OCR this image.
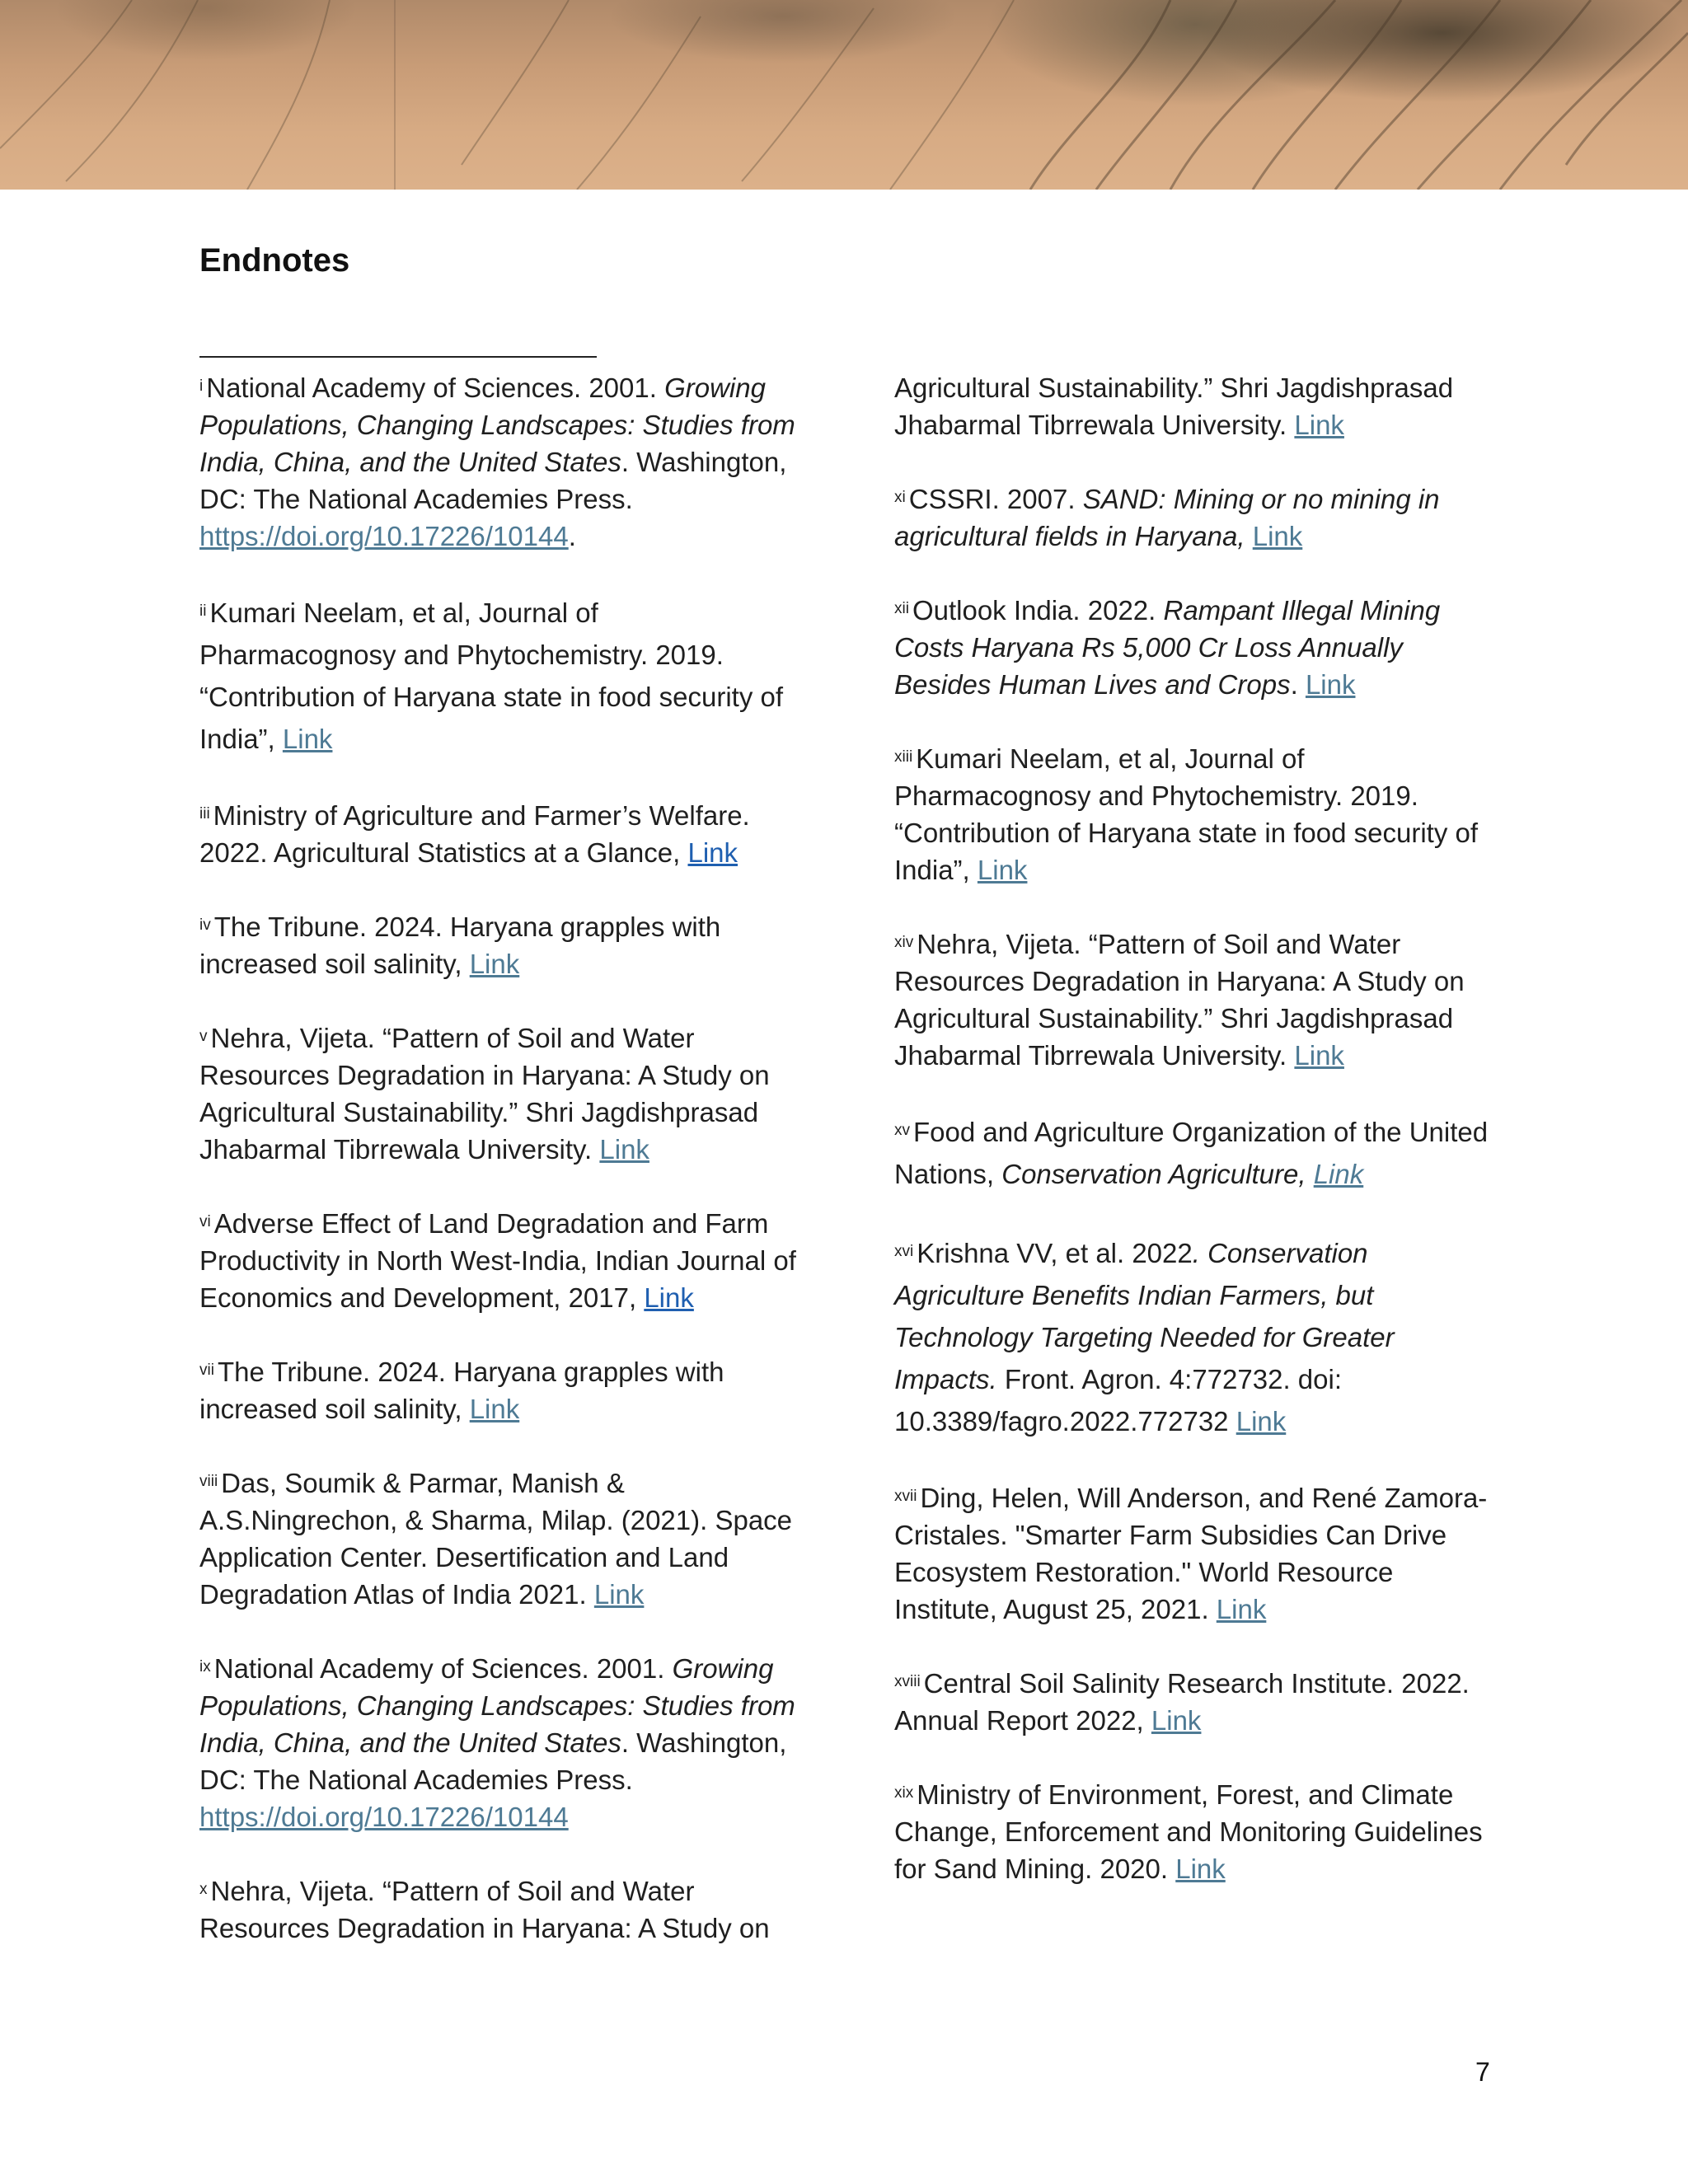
Endnotes

$^i$ National Academy of Sciences. 2001. Growing Populations, Changing Landscapes: Studies from India, China, and the United States. Washington, DC: The National Academies Press. https://doi.org/10.17226/10144.

$^{ii}$ Kumari Neelam, et al, Journal of Pharmacognosy and Phytochemistry. 2019. “Contribution of Haryana state in food security of India”, Link

$^{iii}$ Ministry of Agriculture and Farmer’s Welfare. 2022. Agricultural Statistics at a Glance, Link

$^{iv}$ The Tribune. 2024. Haryana grapples with increased soil salinity, Link

$^v$ Nehra, Vijeta. “Pattern of Soil and Water Resources Degradation in Haryana: A Study on Agricultural Sustainability.” Shri Jagdishprasad Jhabarmal Tibrrewala University. Link

$^{vi}$ Adverse Effect of Land Degradation and Farm Productivity in North West-India, Indian Journal of Economics and Development, 2017, Link

$^{vii}$ The Tribune. 2024. Haryana grapples with increased soil salinity, Link

$^{viii}$ Das, Soumik & Parmar, Manish & A.S.Ningrechon, & Sharma, Milap. (2021). Space Application Center. Desertification and Land Degradation Atlas of India 2021. Link

$^{ix}$ National Academy of Sciences. 2001. Growing Populations, Changing Landscapes: Studies from India, China, and the United States. Washington, DC: The National Academies Press. https://doi.org/10.17226/10144

$^x$ Nehra, Vijeta. “Pattern of Soil and Water Resources Degradation in Haryana: A Study on

Agricultural Sustainability.” Shri Jagdishprasad Jhabarmal Tibrrewala University. Link

$^{xi}$ CSSRI. 2007. SAND: Mining or no mining in agricultural fields in Haryana, Link

$^{xii}$ Outlook India. 2022. Rampant Illegal Mining Costs Haryana Rs 5,000 Cr Loss Annually Besides Human Lives and Crops. Link

$^{xiii}$ Kumari Neelam, et al, Journal of Pharmacognosy and Phytochemistry. 2019. “Contribution of Haryana state in food security of India”, Link

$^{xiv}$ Nehra, Vijeta. “Pattern of Soil and Water Resources Degradation in Haryana: A Study on Agricultural Sustainability.” Shri Jagdishprasad Jhabarmal Tibrrewala University. Link

$^{xv}$ Food and Agriculture Organization of the United Nations, Conservation Agriculture, Link

$^{xvi}$ Krishna VV, et al. 2022. Conservation Agriculture Benefits Indian Farmers, but Technology Targeting Needed for Greater Impacts. Front. Agron. 4:772732. doi: 10.3389/fagro.2022.772732 Link

$^{xvii}$ Ding, Helen, Will Anderson, and René Zamora-Cristales. "Smarter Farm Subsidies Can Drive Ecosystem Restoration." World Resource Institute, August 25, 2021. Link

$^{xviii}$ Central Soil Salinity Research Institute. 2022. Annual Report 2022, Link

$^{xix}$ Ministry of Environment, Forest, and Climate Change, Enforcement and Monitoring Guidelines for Sand Mining. 2020. Link

7
